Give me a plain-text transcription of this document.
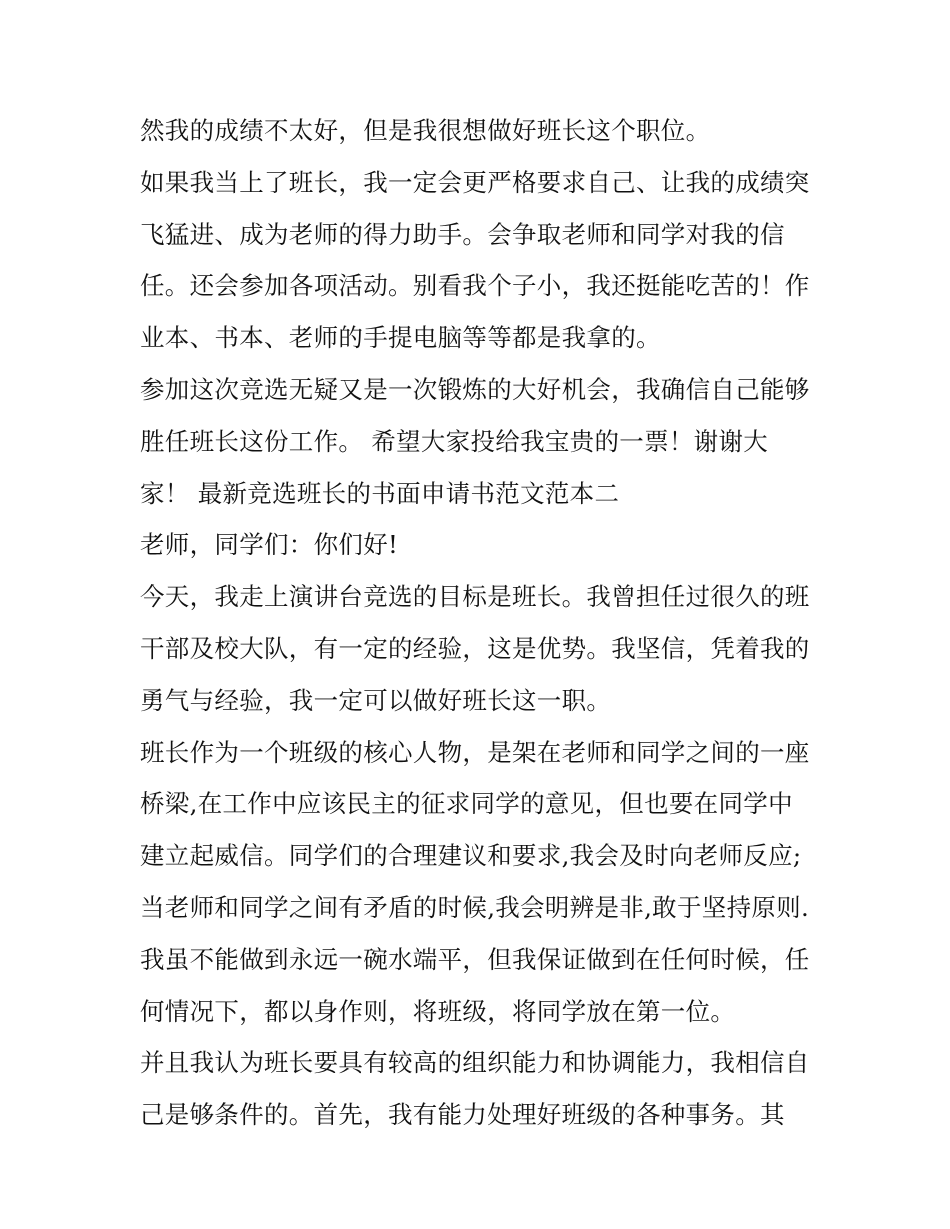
然我的成绩不太好，但是我很想做好班长这个职位。
如果我当上了班长，我一定会更严格要求自己、让我的成绩突
飞猛进、成为老师的得力助手。会争取老师和同学对我的信
任。还会参加各项活动。别看我个子小，我还挺能吃苦的！作
业本、书本、老师的手提电脑等等都是我拿的。
参加这次竞选无疑又是一次锻炼的大好机会，我确信自己能够
胜任班长这份工作。 希望大家投给我宝贵的一票！谢谢大
家！ 最新竞选班长的书面申请书范文范本二
老师，同学们：你们好!
今天，我走上演讲台竞选的目标是班长。我曾担任过很久的班
干部及校大队，有一定的经验，这是优势。我坚信，凭着我的
勇气与经验，我一定可以做好班长这一职。
班长作为一个班级的核心人物，是架在老师和同学之间的一座
桥梁,在工作中应该民主的征求同学的意见，但也要在同学中
建立起威信。同学们的合理建议和要求,我会及时向老师反应;
当老师和同学之间有矛盾的时候,我会明辨是非,敢于坚持原则.
我虽不能做到永远一碗水端平，但我保证做到在任何时候，任
何情况下，都以身作则，将班级，将同学放在第一位。
并且我认为班长要具有较高的组织能力和协调能力，我相信自
己是够条件的。首先，我有能力处理好班级的各种事务。其
